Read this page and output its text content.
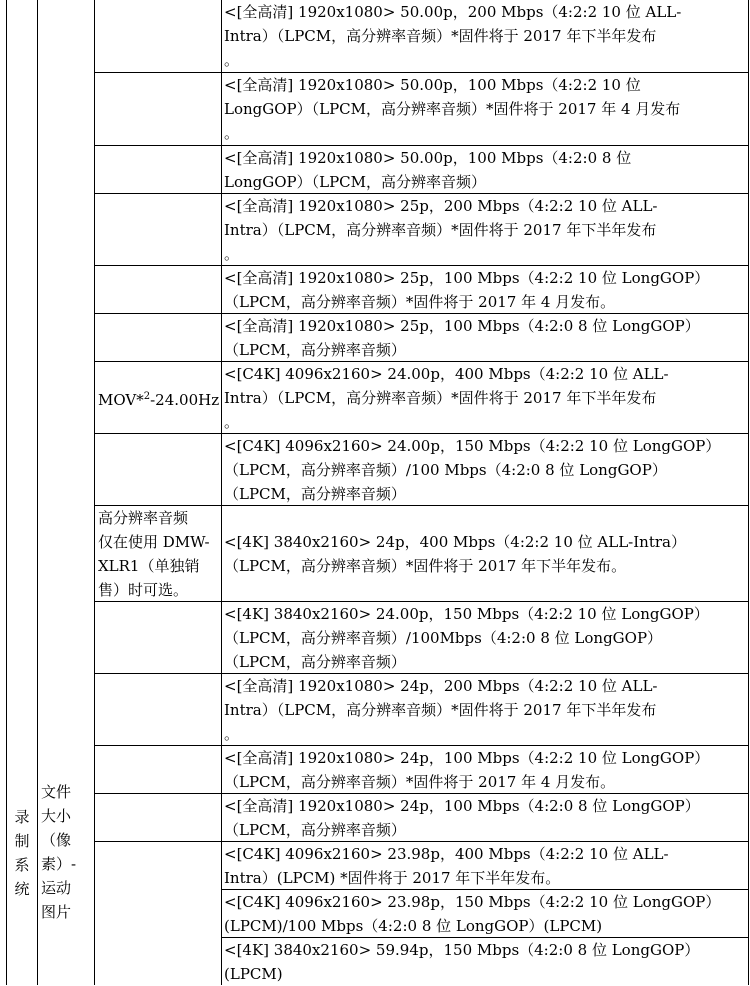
录
制
系
统
文件
大小
（像
素）-
运动
图片
MOV*$^2$-24.00Hz
高分辨率音频
仅在使用 DMW-
XLR1（单独销
售）时可选。
<[全高清] 1920x1080> 50.00p，200 Mbps（4:2:2 10 位 ALL-
Intra）（LPCM，高分辨率音频）*固件将于 2017 年下半年发布
。
<[全高清] 1920x1080> 50.00p，100 Mbps（4:2:2 10 位
LongGOP）（LPCM，高分辨率音频）*固件将于 2017 年 4 月发布
。
<[全高清] 1920x1080> 50.00p，100 Mbps（4:2:0 8 位
LongGOP）（LPCM，高分辨率音频）
<[全高清] 1920x1080> 25p，200 Mbps（4:2:2 10 位 ALL-
Intra）（LPCM，高分辨率音频）*固件将于 2017 年下半年发布
。
<[全高清] 1920x1080> 25p，100 Mbps（4:2:2 10 位 LongGOP）
（LPCM，高分辨率音频）*固件将于 2017 年 4 月发布。
<[全高清] 1920x1080> 25p，100 Mbps（4:2:0 8 位 LongGOP）
（LPCM，高分辨率音频）
<[C4K] 4096x2160> 24.00p，400 Mbps（4:2:2 10 位 ALL-
Intra）（LPCM，高分辨率音频）*固件将于 2017 年下半年发布
。
<[C4K] 4096x2160> 24.00p，150 Mbps（4:2:2 10 位 LongGOP）
（LPCM，高分辨率音频）/100 Mbps（4:2:0 8 位 LongGOP）
（LPCM，高分辨率音频）
<[4K] 3840x2160> 24p，400 Mbps（4:2:2 10 位 ALL-Intra）
（LPCM，高分辨率音频）*固件将于 2017 年下半年发布。
<[4K] 3840x2160> 24.00p，150 Mbps（4:2:2 10 位 LongGOP）
（LPCM，高分辨率音频）/100Mbps（4:2:0 8 位 LongGOP）
（LPCM，高分辨率音频）
<[全高清] 1920x1080> 24p，200 Mbps（4:2:2 10 位 ALL-
Intra）（LPCM，高分辨率音频）*固件将于 2017 年下半年发布
。
<[全高清] 1920x1080> 24p，100 Mbps（4:2:2 10 位 LongGOP）
（LPCM，高分辨率音频）*固件将于 2017 年 4 月发布。
<[全高清] 1920x1080> 24p，100 Mbps（4:2:0 8 位 LongGOP）
（LPCM，高分辨率音频）
<[C4K] 4096x2160> 23.98p，400 Mbps（4:2:2 10 位 ALL-
Intra）(LPCM) *固件将于 2017 年下半年发布。
<[C4K] 4096x2160> 23.98p，150 Mbps（4:2:2 10 位 LongGOP）
(LPCM)/100 Mbps（4:2:0 8 位 LongGOP）(LPCM)
<[4K] 3840x2160> 59.94p，150 Mbps（4:2:0 8 位 LongGOP）
(LPCM)
